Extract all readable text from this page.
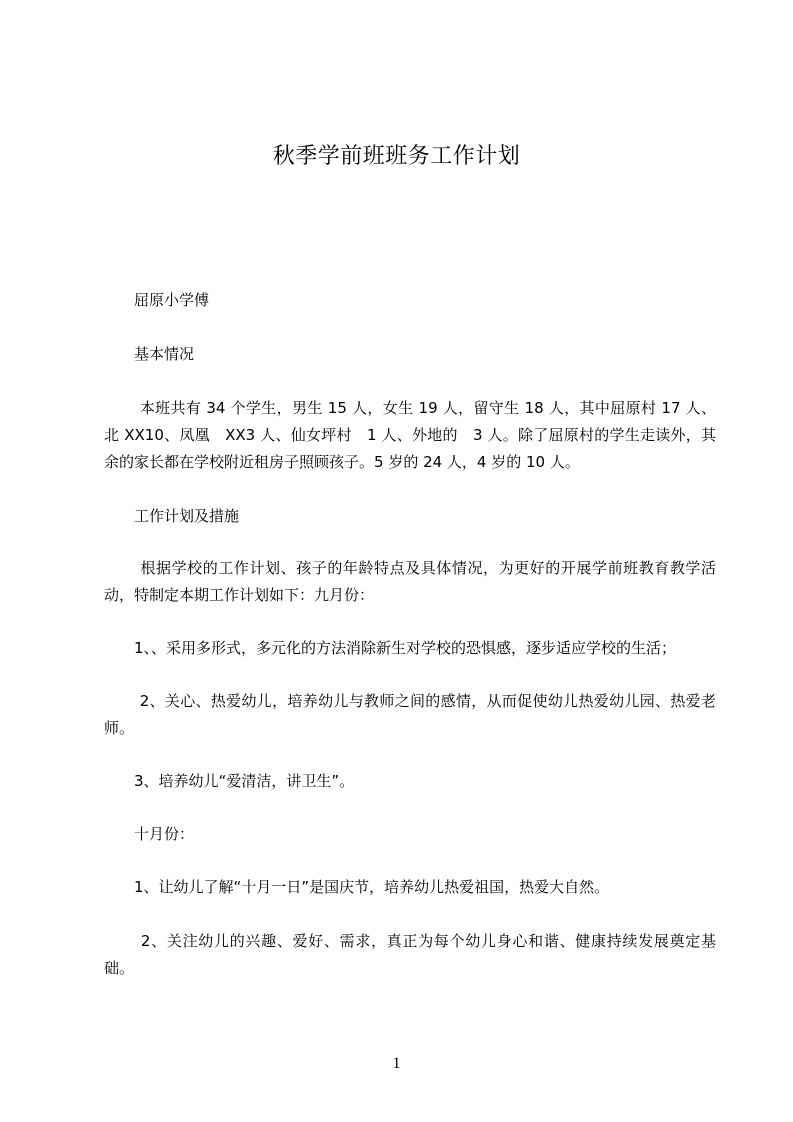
秋季学前班班务工作计划
　　屈原小学傅
　　基本情况
　　 本班共有 34 个学生，男生 15 人，女生 19 人，留守生 18 人，其中屈原村 17 人、北 XX10、凤凰　XX3 人、仙女坪村　1 人、外地的　3 人。除了屈原村的学生走读外，其余的家长都在学校附近租房子照顾孩子。5 岁的 24 人，4 岁的 10 人。
　　工作计划及措施
　　 根据学校的工作计划、孩子的年龄特点及具体情况，为更好的开展学前班教育教学活动，特制定本期工作计划如下：九月份：
　　1、、采用多形式，多元化的方法消除新生对学校的恐惧感，逐步适应学校的生活；
　　 2、关心、热爱幼儿，培养幼儿与教师之间的感情，从而促使幼儿热爱幼儿园、热爱老师。
　　3、培养幼儿“爱清洁，讲卫生”。
　　十月份：
　　1、让幼儿了解“十月一日”是国庆节，培养幼儿热爱祖国，热爱大自然。
　　 2、关注幼儿的兴趣、爱好、需求，真正为每个幼儿身心和谐、健康持续发展奠定基础。
1
